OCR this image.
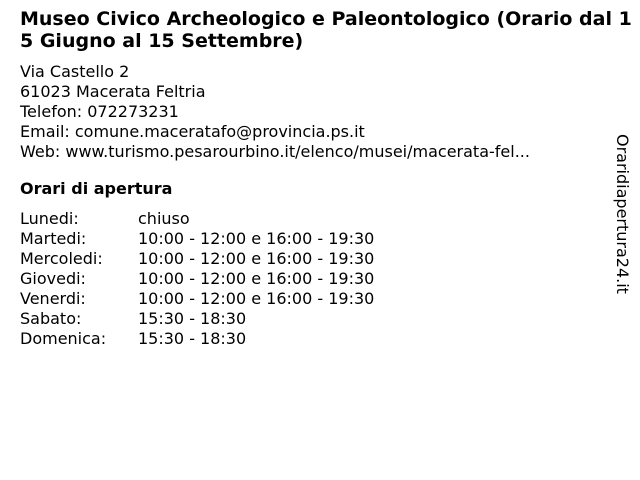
Museo Civico Archeologico e Paleontologico (Orario dal 15 Giugno al 15 Settembre)
Via Castello 2
61023 Macerata Feltria
Telefon: 072273231
Email: comune.maceratafo@provincia.ps.it
Web: www.turismo.pesarourbino.it/elenco/musei/macerata-fel...
Orari di apertura
Lunedi:	chiuso
Martedi:	10:00 - 12:00 e 16:00 - 19:30
Mercoledi:	10:00 - 12:00 e 16:00 - 19:30
Giovedi:	10:00 - 12:00 e 16:00 - 19:30
Venerdi:	10:00 - 12:00 e 16:00 - 19:30
Sabato:	15:30 - 18:30
Domenica:	15:30 - 18:30
Oraridiapertura24.it
